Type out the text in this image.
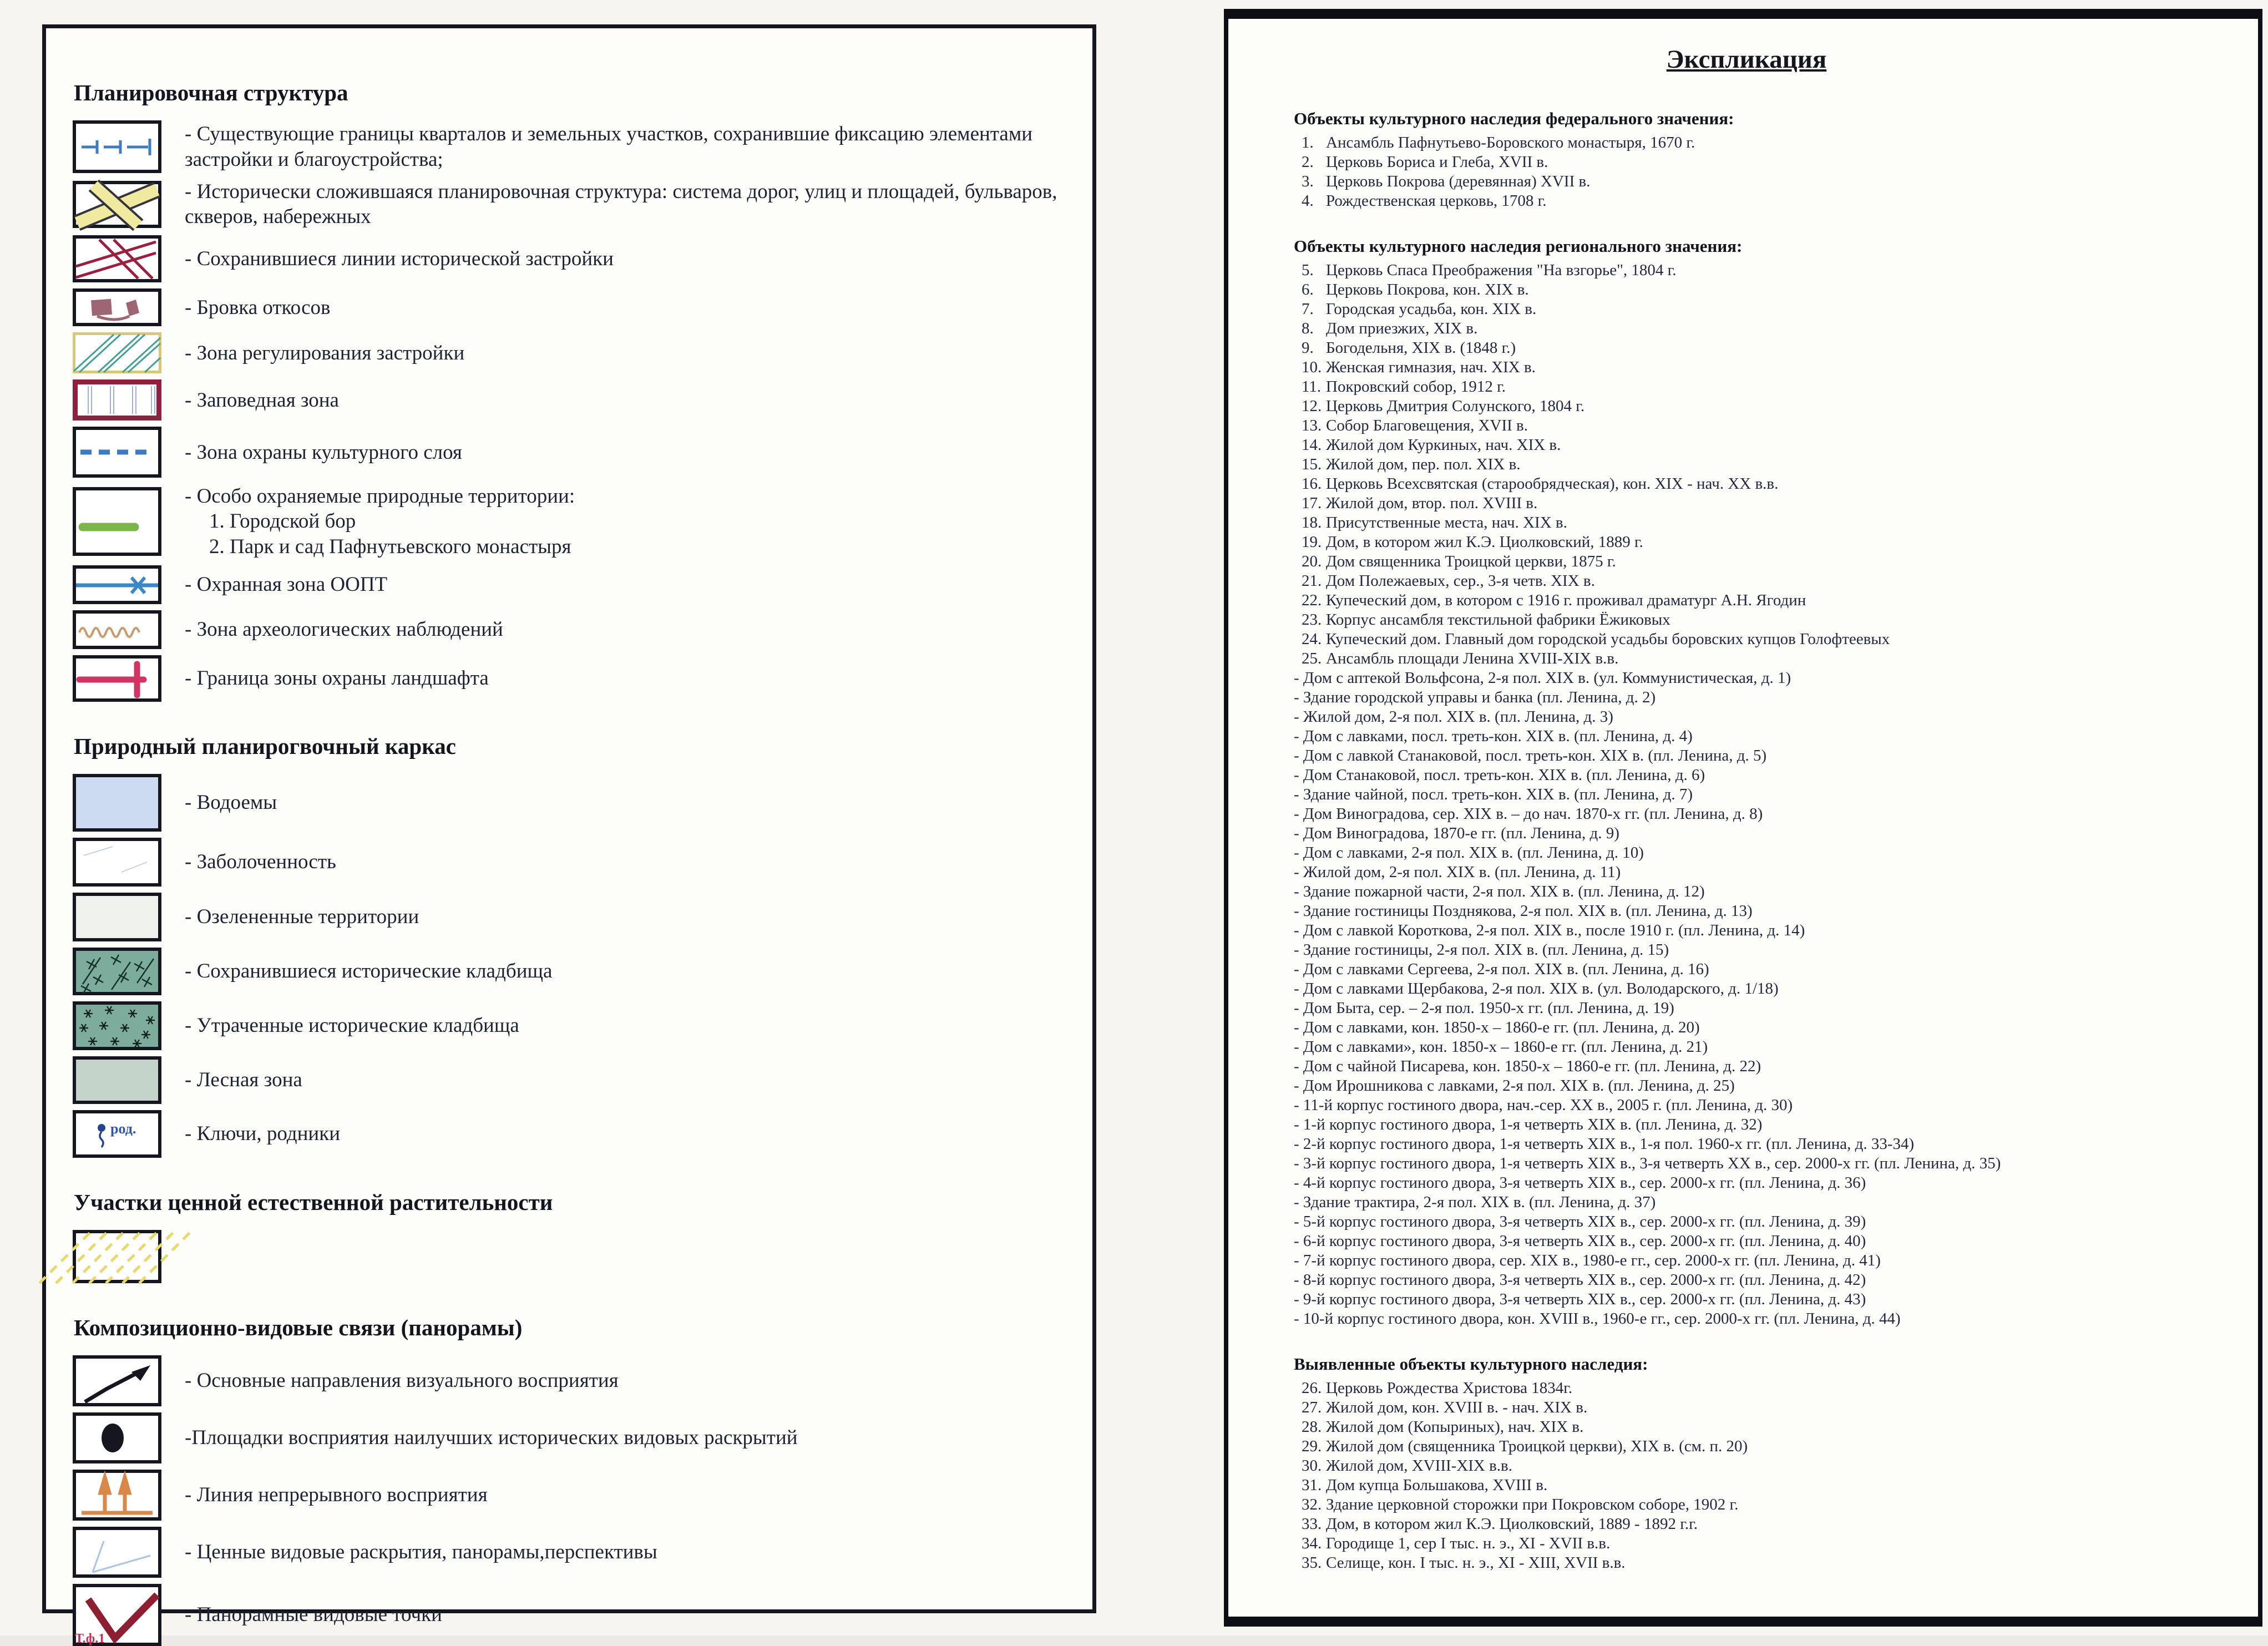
Планировочная структура
- Существующие границы кварталов и земельных участков, сохранившие фиксацию элементами застройки и благоустройства;
- Исторически сложившаяся планировочная структура: система дорог, улиц и площадей, бульваров, скверов, набережных
- Сохранившиеся линии исторической застройки
- Бровка откосов
- Зона регулирования застройки
- Заповедная зона
- Зона охраны культурного слоя
- Особо охраняемые природные территории:
1. Городской бор
2. Парк и сад Пафнутьевского монастыря
- Охранная зона ООПТ
- Зона археологических наблюдений
- Граница зоны охраны ландшафта
Природный планирогвочный каркас
- Водоемы
- Заболоченность
- Озелененные территории
- Сохранившиеся исторические кладбища
- Утраченные исторические кладбища
- Лесная зона
род. - Ключи, родники
Участки ценной естественной растительности
Композиционно-видовые связи (панорамы)
- Основные направления визуального восприятия
-Площадки восприятия наилучших исторических видовых раскрытий
- Линия непрерывного восприятия
- Ценные видовые раскрытия, панорамы,перспективы
Т.ф.1
- Панорамные видовые точки
Экспликация
Объекты культурного наследия федерального значения:
1. Ансамбль Пафнутьево-Боровского монастыря, 1670 г.
2. Церковь Бориса и Глеба, XVII в.
3. Церковь Покрова (деревянная) XVII в.
4. Рождественская церковь, 1708 г.
Объекты культурного наследия регионального значения:
5. Церковь Спаса Преображения "На взгорье", 1804 г.
6. Церковь Покрова, кон. XIX в.
7. Городская усадьба, кон. XIX в.
8. Дом приезжих, XIX в.
9. Богодельня, XIX в. (1848 г.)
10. Женская гимназия, нач. XIX в.
11. Покровский собор, 1912 г.
12. Церковь Дмитрия Солунского, 1804 г.
13. Собор Благовещения, XVII в.
14. Жилой дом Куркиных, нач. XIX в.
15. Жилой дом, пер. пол. XIX в.
16. Церковь Всехсвятская (старообрядческая), кон. XIX - нач. XX в.в.
17. Жилой дом, втор. пол. XVIII в.
18. Присутственные места, нач. XIX в.
19. Дом, в котором жил К.Э. Циолковский, 1889 г.
20. Дом священника Троицкой церкви, 1875 г.
21. Дом Полежаевых, сер., 3-я четв. XIX в.
22. Купеческий дом, в котором с 1916 г. проживал драматург А.Н. Ягодин
23. Корпус ансамбля текстильной фабрики Ёжиковых
24. Купеческий дом. Главный дом городской усадьбы боровских купцов Голофтеевых
25. Ансамбль площади Ленина XVIII-XIX в.в.
- Дом с аптекой Вольфсона, 2-я пол. XIX в. (ул. Коммунистическая, д. 1)
- Здание городской управы и банка (пл. Ленина, д. 2)
- Жилой дом, 2-я пол. XIX в. (пл. Ленина, д. 3)
- Дом с лавками, посл. треть-кон. XIX в. (пл. Ленина, д. 4)
- Дом с лавкой Станаковой, посл. треть-кон. XIX в. (пл. Ленина, д. 5)
- Дом Станаковой, посл. треть-кон. XIX в. (пл. Ленина, д. 6)
- Здание чайной, посл. треть-кон. XIX в. (пл. Ленина, д. 7)
- Дом Виноградова, сер. XIX в. – до нач. 1870-х гг. (пл. Ленина, д. 8)
- Дом Виноградова, 1870-е гг. (пл. Ленина, д. 9)
- Дом с лавками, 2-я пол. XIX в. (пл. Ленина, д. 10)
- Жилой дом, 2-я пол. XIX в. (пл. Ленина, д. 11)
- Здание пожарной части, 2-я пол. XIX в. (пл. Ленина, д. 12)
- Здание гостиницы Позднякова, 2-я пол. XIX в. (пл. Ленина, д. 13)
- Дом с лавкой Короткова, 2-я пол. XIX в., после 1910 г. (пл. Ленина, д. 14)
- Здание гостиницы, 2-я пол. XIX в. (пл. Ленина, д. 15)
- Дом с лавками Сергеева, 2-я пол. XIX в. (пл. Ленина, д. 16)
- Дом с лавками Щербакова, 2-я пол. XIX в. (ул. Володарского, д. 1/18)
- Дом Быта, сер. – 2-я пол. 1950-х гг. (пл. Ленина, д. 19)
- Дом с лавками, кон. 1850-х – 1860-е гг. (пл. Ленина, д. 20)
- Дом с лавками», кон. 1850-х – 1860-е гг. (пл. Ленина, д. 21)
- Дом с чайной Писарева, кон. 1850-х – 1860-е гг. (пл. Ленина, д. 22)
- Дом Ирошникова с лавками, 2-я пол. XIX в. (пл. Ленина, д. 25)
- 11-й корпус гостиного двора, нач.-сер. XX в., 2005 г. (пл. Ленина, д. 30)
- 1-й корпус гостиного двора, 1-я четверть XIX в. (пл. Ленина, д. 32)
- 2-й корпус гостиного двора, 1-я четверть XIX в., 1-я пол. 1960-х гг. (пл. Ленина, д. 33-34)
- 3-й корпус гостиного двора, 1-я четверть XIX в., 3-я четверть XX в., сер. 2000-х гг. (пл. Ленина, д. 35)
- 4-й корпус гостиного двора, 3-я четверть XIX в., сер. 2000-х гг. (пл. Ленина, д. 36)
- Здание трактира, 2-я пол. XIX в. (пл. Ленина, д. 37)
- 5-й корпус гостиного двора, 3-я четверть XIX в., сер. 2000-х гг. (пл. Ленина, д. 39)
- 6-й корпус гостиного двора, 3-я четверть XIX в., сер. 2000-х гг. (пл. Ленина, д. 40)
- 7-й корпус гостиного двора, сер. XIX в., 1980-е гг., сер. 2000-х гг. (пл. Ленина, д. 41)
- 8-й корпус гостиного двора, 3-я четверть XIX в., сер. 2000-х гг. (пл. Ленина, д. 42)
- 9-й корпус гостиного двора, 3-я четверть XIX в., сер. 2000-х гг. (пл. Ленина, д. 43)
- 10-й корпус гостиного двора, кон. XVIII в., 1960-е гг., сер. 2000-х гг. (пл. Ленина, д. 44)
Выявленные объекты культурного наследия:
26. Церковь Рождества Христова 1834г.
27. Жилой дом, кон. XVIII в. - нач. XIX в.
28. Жилой дом (Копыриных), нач. XIX в.
29. Жилой дом (священника Троицкой церкви), XIX в. (см. п. 20)
30. Жилой дом, XVIII-XIX в.в.
31. Дом купца Большакова, XVIII в.
32. Здание церковной сторожки при Покровском соборе, 1902 г.
33. Дом, в котором жил К.Э. Циолковский, 1889 - 1892 г.г.
34. Городище 1, сер I тыс. н. э., XI - XVII в.в.
35. Селище, кон. I тыс. н. э., XI - XIII, XVII в.в.
